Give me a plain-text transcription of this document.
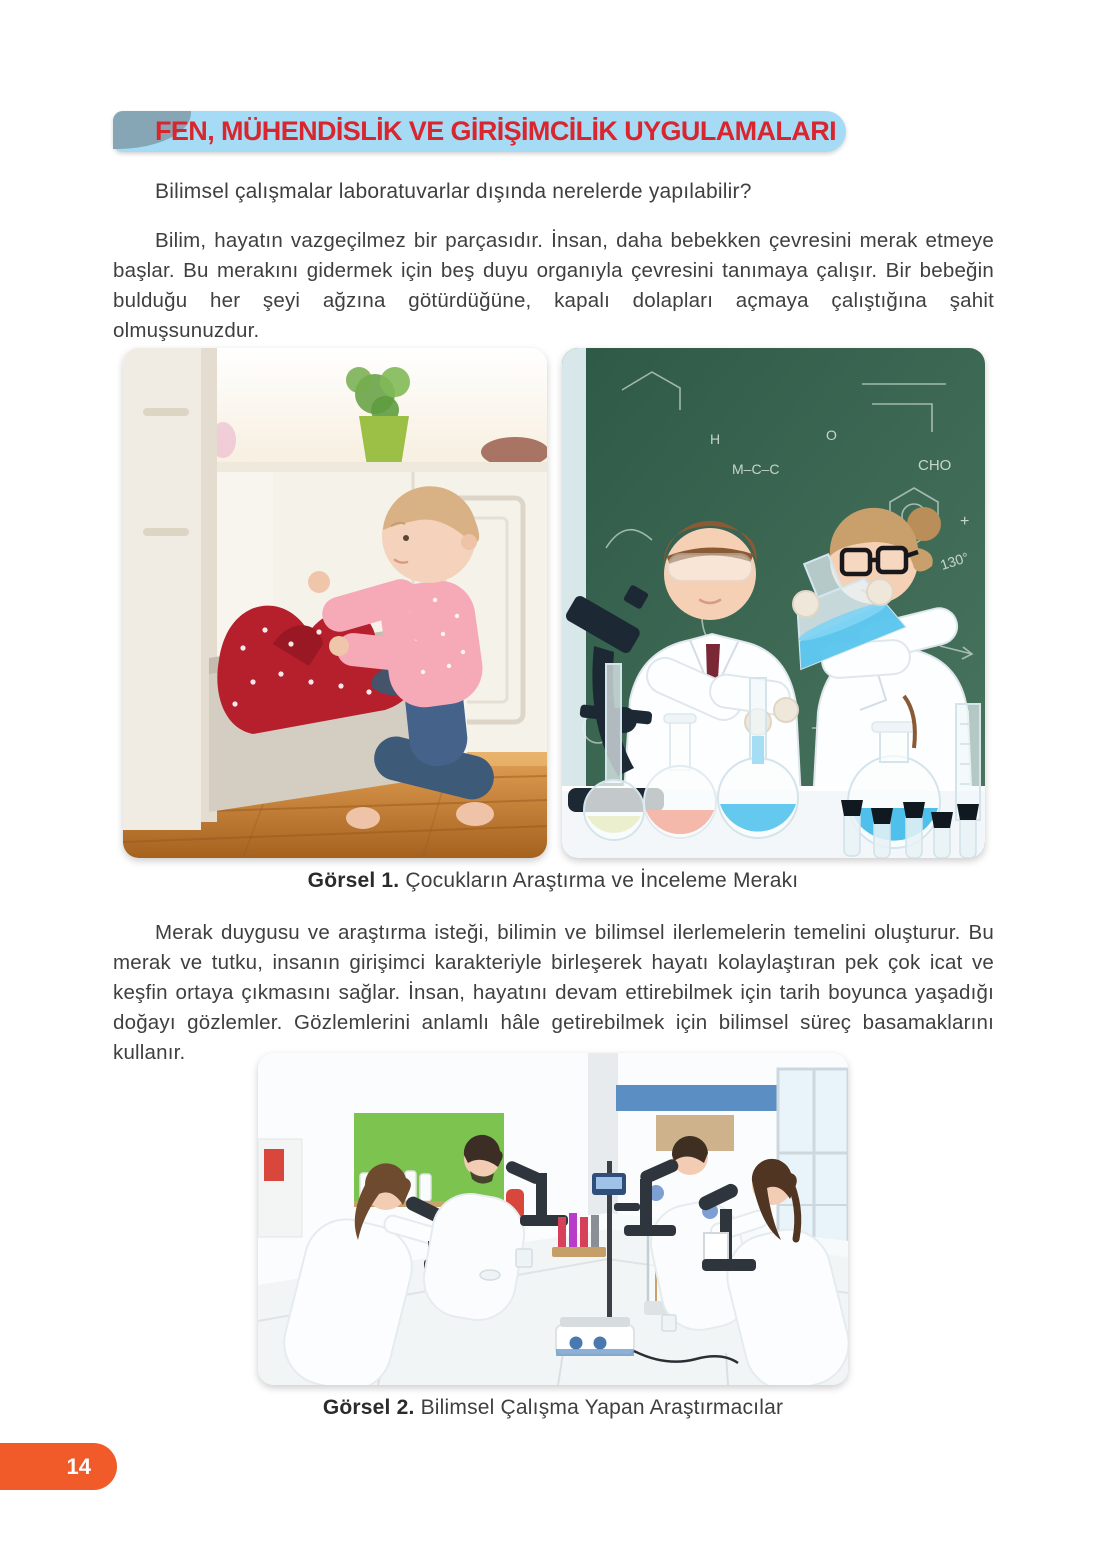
FEN, MÜHENDİSLİK VE GİRİŞİMCİLİK UYGULAMALARI
Bilimsel çalışmalar laboratuvarlar dışında nerelerde yapılabilir?
Bilim, hayatın vazgeçilmez bir parçasıdır. İnsan, daha bebekken çevresini merak etmeye başlar. Bu merakını gidermek için beş duyu organıyla çevresini tanımaya çalışır. Bir bebeğin bulduğu her şeyi ağzına götürdüğüne, kapalı dolapları açmaya çalıştığına şahit olmuşsunuzdur.
CHO
130°
M–C–C
H	O
+
Görsel 1. Çocukların Araştırma ve İnceleme Merakı
Merak duygusu ve araştırma isteği, bilimin ve bilimsel ilerlemelerin temelini oluşturur. Bu merak ve tutku, insanın girişimci karakteriyle birleşerek hayatı kolaylaştıran pek çok icat ve keşfin ortaya çıkmasını sağlar. İnsan, hayatını devam ettirebilmek için tarih boyunca yaşadığı doğayı gözlemler. Gözlemlerini anlamlı hâle getirebilmek için bilimsel süreç basamaklarını kullanır.
Görsel 2. Bilimsel Çalışma Yapan Araştırmacılar
14
